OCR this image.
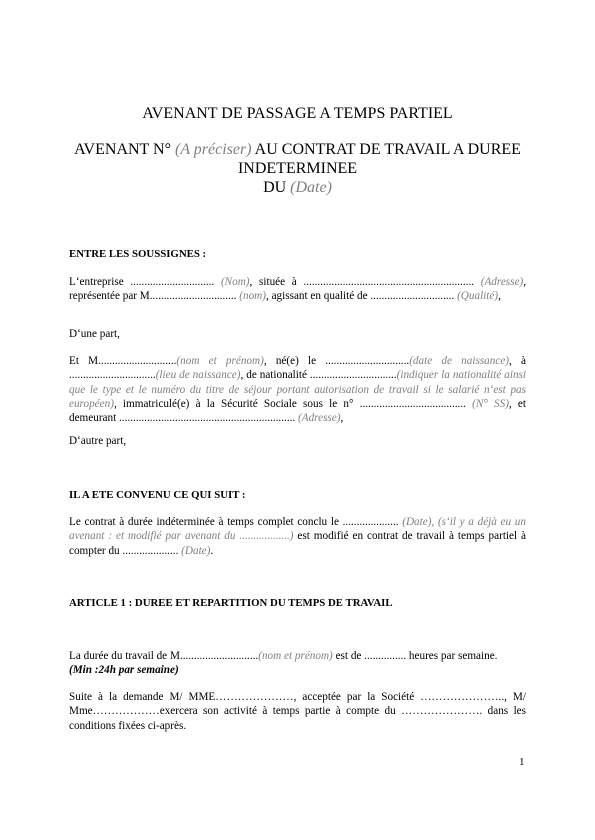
AVENANT DE PASSAGE A TEMPS PARTIEL
AVENANT N° (A préciser) AU CONTRAT DE TRAVAIL A DUREE
INDETERMINEE
DU (Date)
ENTRE LES SOUSSIGNES :
L‘entreprise .............................. (Nom), située à ............................................................. (Adresse), représentée par M............................... (nom), agissant en qualité de .............................. (Qualité),
D‘une part,
Et M............................(nom et prénom), né(e) le ..............................(date de naissance), à ...............................(lieu de naissance), de nationalité ...............................(indiquer la nationalité ainsi que le type et le numéro du titre de séjour portant autorisation de travail si le salarié n‘est pas européen), immatriculé(e) à la Sécurité Sociale sous le n° ...................................... (N° SS), et demeurant ............................................................... (Adresse),
D‘autre part,
IL A ETE CONVENU CE QUI SUIT :
Le contrat à durée indéterminée à temps complet conclu le .................... (Date), (s‘il y a déjà eu un avenant : et modifié par avenant du ..................) est modifié en contrat de travail à temps partiel à compter du .................... (Date).
ARTICLE 1 : DUREE ET REPARTITION DU TEMPS DE TRAVAIL
La durée du travail de M............................(nom et prénom) est de ............... heures par semaine.
(Min :24h par semaine)
Suite à la demande M/ MME…………………, acceptée par la Société ………………….., M/ Mme………………exercera son activité à temps partie à compte du …………………. dans les conditions fixées ci-après.
1
